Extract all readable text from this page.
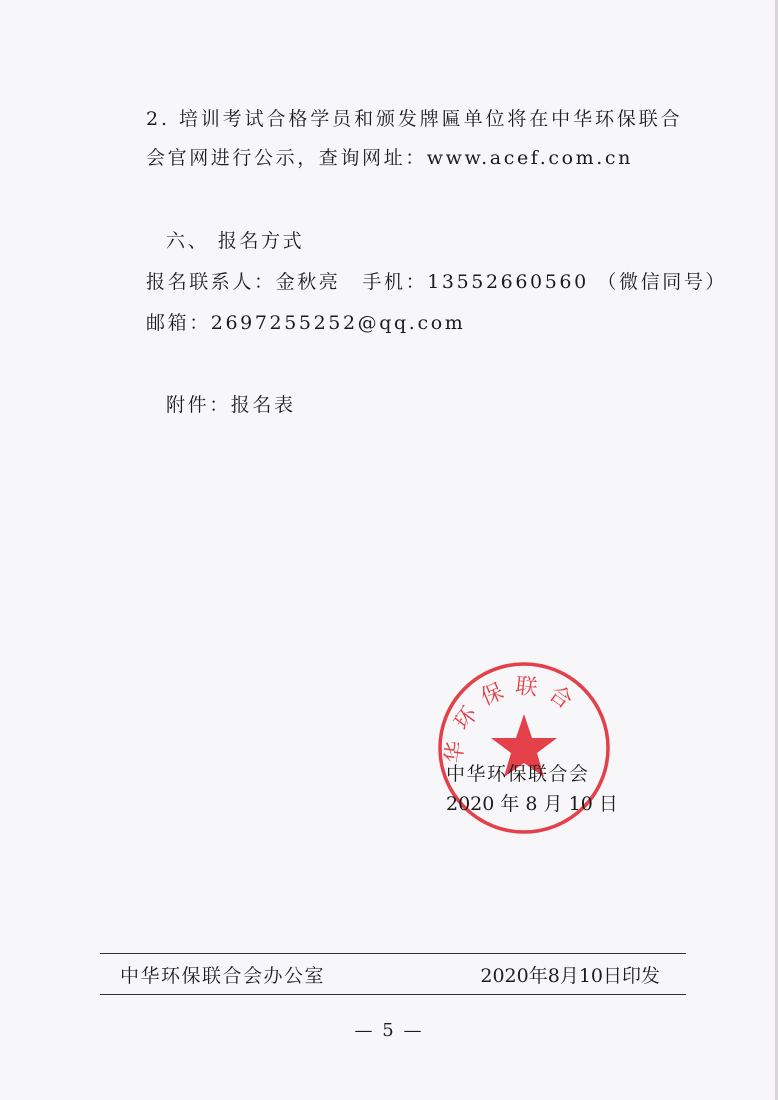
2. 培训考试合格学员和颁发牌匾单位将在中华环保联合
会官网进行公示，查询网址：www.acef.com.cn
六、 报名方式
报名联系人：金秋亮 手机：13552660560 （微信同号）
邮箱：2697255252@qq.com
附件：报名表
华环保联合
中华环保联合会
2020 年 8 月 10 日
中华环保联合会办公室	2020年8月10日印发
— 5 —
